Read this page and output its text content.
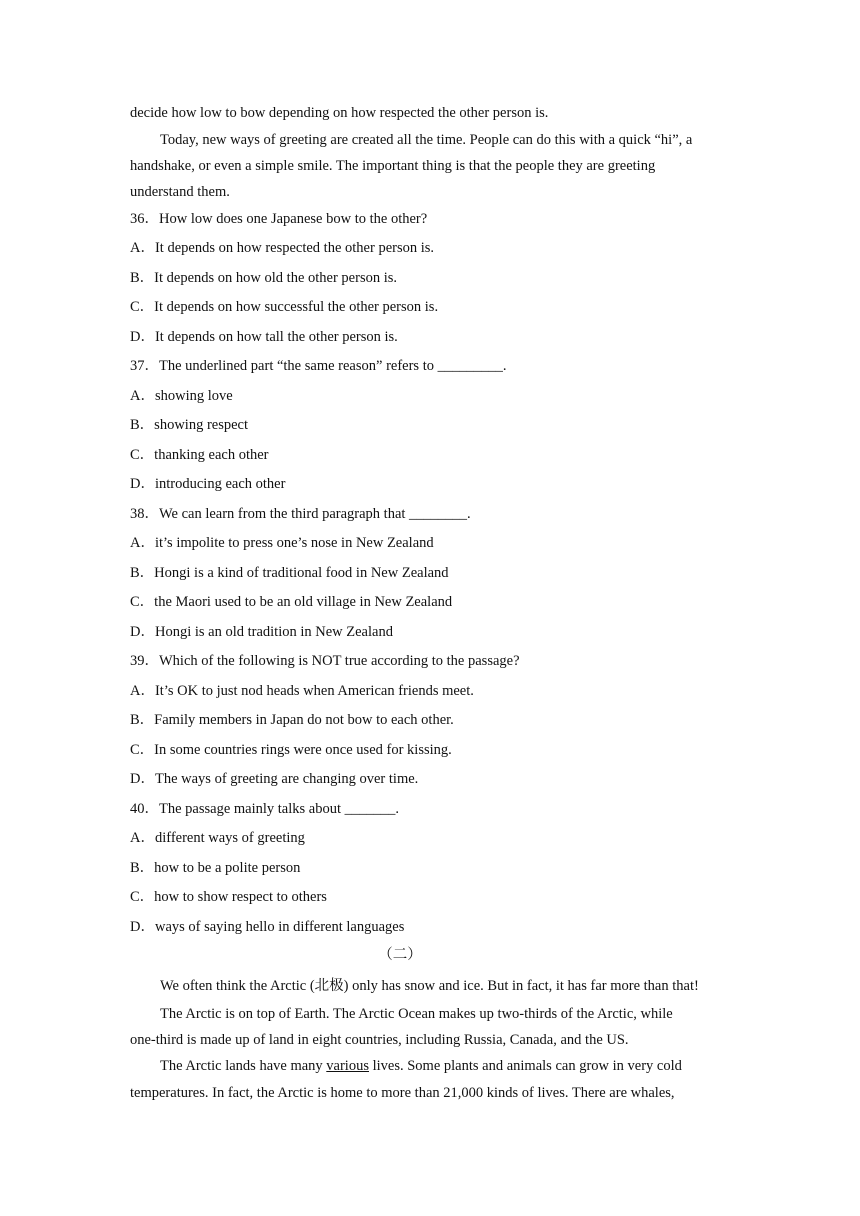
decide how low to bow depending on how respected the other person is.
Today, new ways of greeting are created all the time. People can do this with a quick “hi”, a
handshake, or even a simple smile. The important thing is that the people they are greeting
understand them.
36．How low does one Japanese bow to the other?
A．It depends on how respected the other person is.
B．It depends on how old the other person is.
C．It depends on how successful the other person is.
D．It depends on how tall the other person is.
37．The underlined part “the same reason” refers to _________.
A．showing love
B．showing respect
C．thanking each other
D．introducing each other
38．We can learn from the third paragraph that ________.
A．it’s impolite to press one’s nose in New Zealand
B．Hongi is a kind of traditional food in New Zealand
C．the Maori used to be an old village in New Zealand
D．Hongi is an old tradition in New Zealand
39．Which of the following is NOT true according to the passage?
A．It’s OK to just nod heads when American friends meet.
B．Family members in Japan do not bow to each other.
C．In some countries rings were once used for kissing.
D．The ways of greeting are changing over time.
40．The passage mainly talks about _______.
A．different ways of greeting
B．how to be a polite person
C．how to show respect to others
D．ways of saying hello in different languages
（二）
We often think the Arctic (北极) only has snow and ice. But in fact, it has far more than that!
The Arctic is on top of Earth. The Arctic Ocean makes up two-thirds of the Arctic, while
one-third is made up of land in eight countries, including Russia, Canada, and the US.
The Arctic lands have many various lives. Some plants and animals can grow in very cold
temperatures. In fact, the Arctic is home to more than 21,000 kinds of lives. There are whales,
